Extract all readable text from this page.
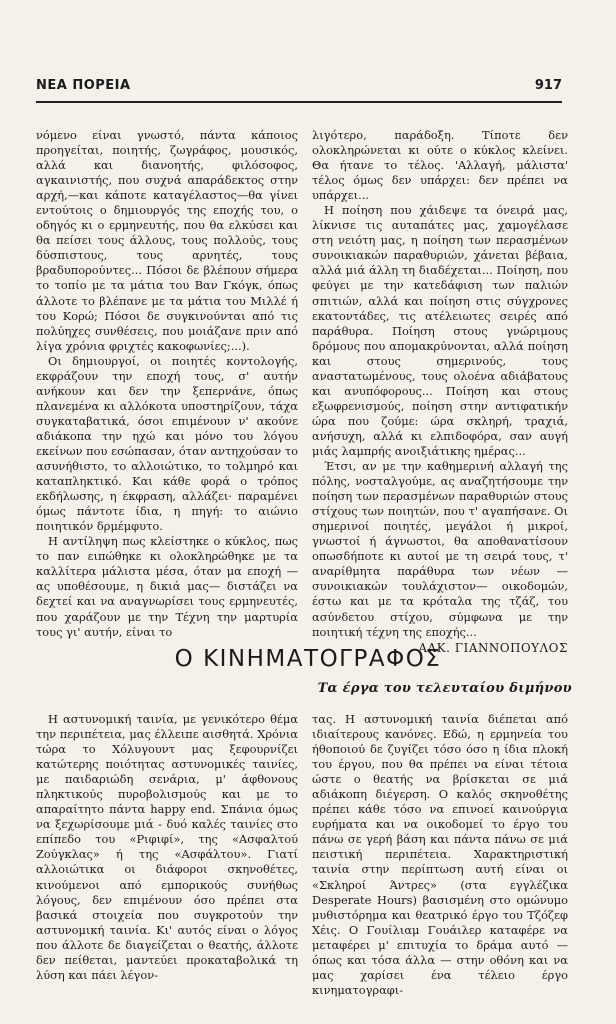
ΝΕΑ ΠΟΡΕΙΑ	917

νόμενο είναι γνωστό, πάντα κάποιος προηγείται, ποιητής, ζωγράφος, μουσικός, αλλά και διανοητής, φιλόσοφος, αγκαινιστής, που συχνά απαράδεκτος στην αρχή,—και κάποτε καταγέλαστος—θα γίνει εντούτοις ο δημιουργός της εποχής του, ο οδηγός κι ο ερμηνευτής, που θα ελκύσει και θα πείσει τους άλλους, τους πολλούς, τους δύσπιστους, τους αρνητές, τους βραδυπορούντες... Πόσοι δε βλέπουν σήμερα το τοπίο με τα μάτια του Βαν Γκόγκ, όπως άλλοτε το βλέπανε με τα μάτια του Μιλλέ ή του Κορώ; Πόσοι δε συγκινούνται από τις πολύηχες συνθέσεις, που μοιάζανε πριν από λίγα χρόνια φριχτές κακοφωνίες;...).

Οι δημιουργοί, οι ποιητές κοντολογής, εκφράζουν την εποχή τους, σ' αυτήν ανήκουν και δεν την ξεπερνάνε, όπως πλανεμένα κι αλλόκοτα υποστηρίζουν, τάχα συγκαταβατικά, όσοι επιμένουν ν' ακούνε αδιάκοπα την ηχώ και μόνο του λόγου εκείνων που εσώπασαν, όταν αντηχούσαν το ασυνήθιστο, το αλλοιώτικο, το τολμηρό και καταπληκτικό. Και κάθε φορά ο τρόπος εκδήλωσης, η έκφραση, αλλάζει· παραμένει όμως πάντοτε ίδια, η πηγή: το αιώνιο ποιητικόν δρμέμφυτο.

Η αντίληψη πως κλείστηκε ο κύκλος, πως το παν ειπώθηκε κι ολοκληρώθηκε με τα καλλίτερα μάλιστα μέσα, όταν μα εποχή —ας υποθέσουμε, η δικιά μας— διστάζει να δεχτεί και να αναγνωρίσει τους ερμηνευτές, που χαράζουν με την Τέχνη την μαρτυρία τους γι' αυτήν, είναι το

λιγότερο, παράδοξη. Τίποτε δεν ολοκληρώνεται κι ούτε ο κύκλος κλείνει. Θα ήτανε το τέλος. 'Αλλαγή, μάλιστα' τέλος όμως δεν υπάρχει: δεν πρέπει να υπάρχει...

Η ποίηση που χάιδεψε τα όνειρά μας, λίκνισε τις αυταπάτες μας, χαμογέλασε στη νειότη μας, η ποίηση των περασμένων συνοικιακών παραθυριών, χάνεται βέβαια, αλλά μιά άλλη τη διαδέχεται... Ποίηση, που φεύγει με την κατεδάφιση των παλιών σπιτιών, αλλά και ποίηση στις σύγχρονες εκατοντάδες, τις ατέλειωτες σειρές από παράθυρα. Ποίηση στους γνώριμους δρόμους που απομακρύνονται, αλλά ποίηση και στους σημερινούς, τους αναστατωμένους, τους ολοένα αδιάβατους και ανυπόφορους... Ποίηση και στους εξωφρενισμούς, ποίηση στην αντιφατικήν ώρα που ζούμε: ώρα σκληρή, τραχιά, ανήσυχη, αλλά κι ελπιδοφόρα, σαν αυγή μιάς λαμπρής ανοιξιάτικης ημέρας...

Έτσι, αν με την καθημερινή αλλαγή της πόλης, νοσταλγούμε, ας αναζητήσουμε την ποίηση των περασμένων παραθυριών στους στίχους των ποιητών, που τ' αγαπήσανε. Οι σημερινοί ποιητές, μεγάλοι ή μικροί, γνωστοί ή άγνωστοι, θα αποθανατίσουν οπωσδήποτε κι αυτοί με τη σειρά τους, τ' αναρίθμητα παράθυρα των νέων —συνοικιακών τουλάχιστον— οικοδομών, έστω και με τα κρόταλα της τζάζ, του ασύνδετου στίχου, σύμφωνα με την ποιητική τέχνη της εποχής...

ΑΛΚ. ΓΙΑΝΝΟΠΟΥΛΟΣ
Ο ΚΙΝΗΜΑΤΟΓΡΑΦΟΣ
Τα έργα του τελευταίου διμήνου

Η αστυνομική ταινία, με γενικότερο θέμα την περιπέτεια, μας έλλειπε αισθητά. Χρόνια τώρα το Χόλυγουντ μας ξεφουρνίζει κατώτερης ποιότητας αστυνομικές ταινίες, με παιδαριώδη σενάρια, μ' άφθονους πληκτικούς πυροβολισμούς και με το απαραίτητο πάντα happy end. Σπάνια όμως να ξεχωρίσουμε μιά - δυό καλές ταινίες στο επίπεδο του «Ριφιφί», της «Ασφαλτού Ζούγκλας» ή της «Ασφάλτου». Γιατί αλλοιώτικα οι διάφοροι σκηνοθέτες, κινούμενοι από εμπορικούς συνήθως λόγους, δεν επιμένουν όσο πρέπει στα βασικά στοιχεία που συγκροτούν την αστυνομική ταινία. Κι' αυτός είναι ο λόγος που άλλοτε δε διαγείζεται ο θεατής, άλλοτε δεν πείθεται, μαντεύει προκαταβολικά τη λύση και πάει λέγον-

τας. Η αστυνομική ταινία διέπεται από ιδιαίτερους κανόνες. Εδώ, η ερμηνεία του ήθοποιού δε ζυγίζει τόσο όσο η ίδια πλοκή του έργου, που θα πρέπει να είναι τέτοια ώστε ο θεατής να βρίσκεται σε μιά αδιάκοπη διέγερση. Ο καλός σκηνοθέτης πρέπει κάθε τόσο να επινοεί καινούργια ευρήματα και να οικοδομεί το έργο του πάνω σε γερή βάση και πάντα πάνω σε μιά πειστική περιπέτεια. Χαρακτηριστική ταινία στην περίπτωση αυτή είναι οι «Σκληροί Άντρες» (στα εγγλέζικα Desperate Hours) βασισμένη στο ομώνυμο μυθιστόρημα και θεατρικό έργο του Τζόζεφ Χέις. Ο Γουίλιαμ Γουάιλερ καταφέρε να μεταφέρει μ' επιτυχία το δράμα αυτό — όπως και τόσα άλλα — στην οθόνη και να μας χαρίσει ένα τέλειο έργο κινηματογραφι-
